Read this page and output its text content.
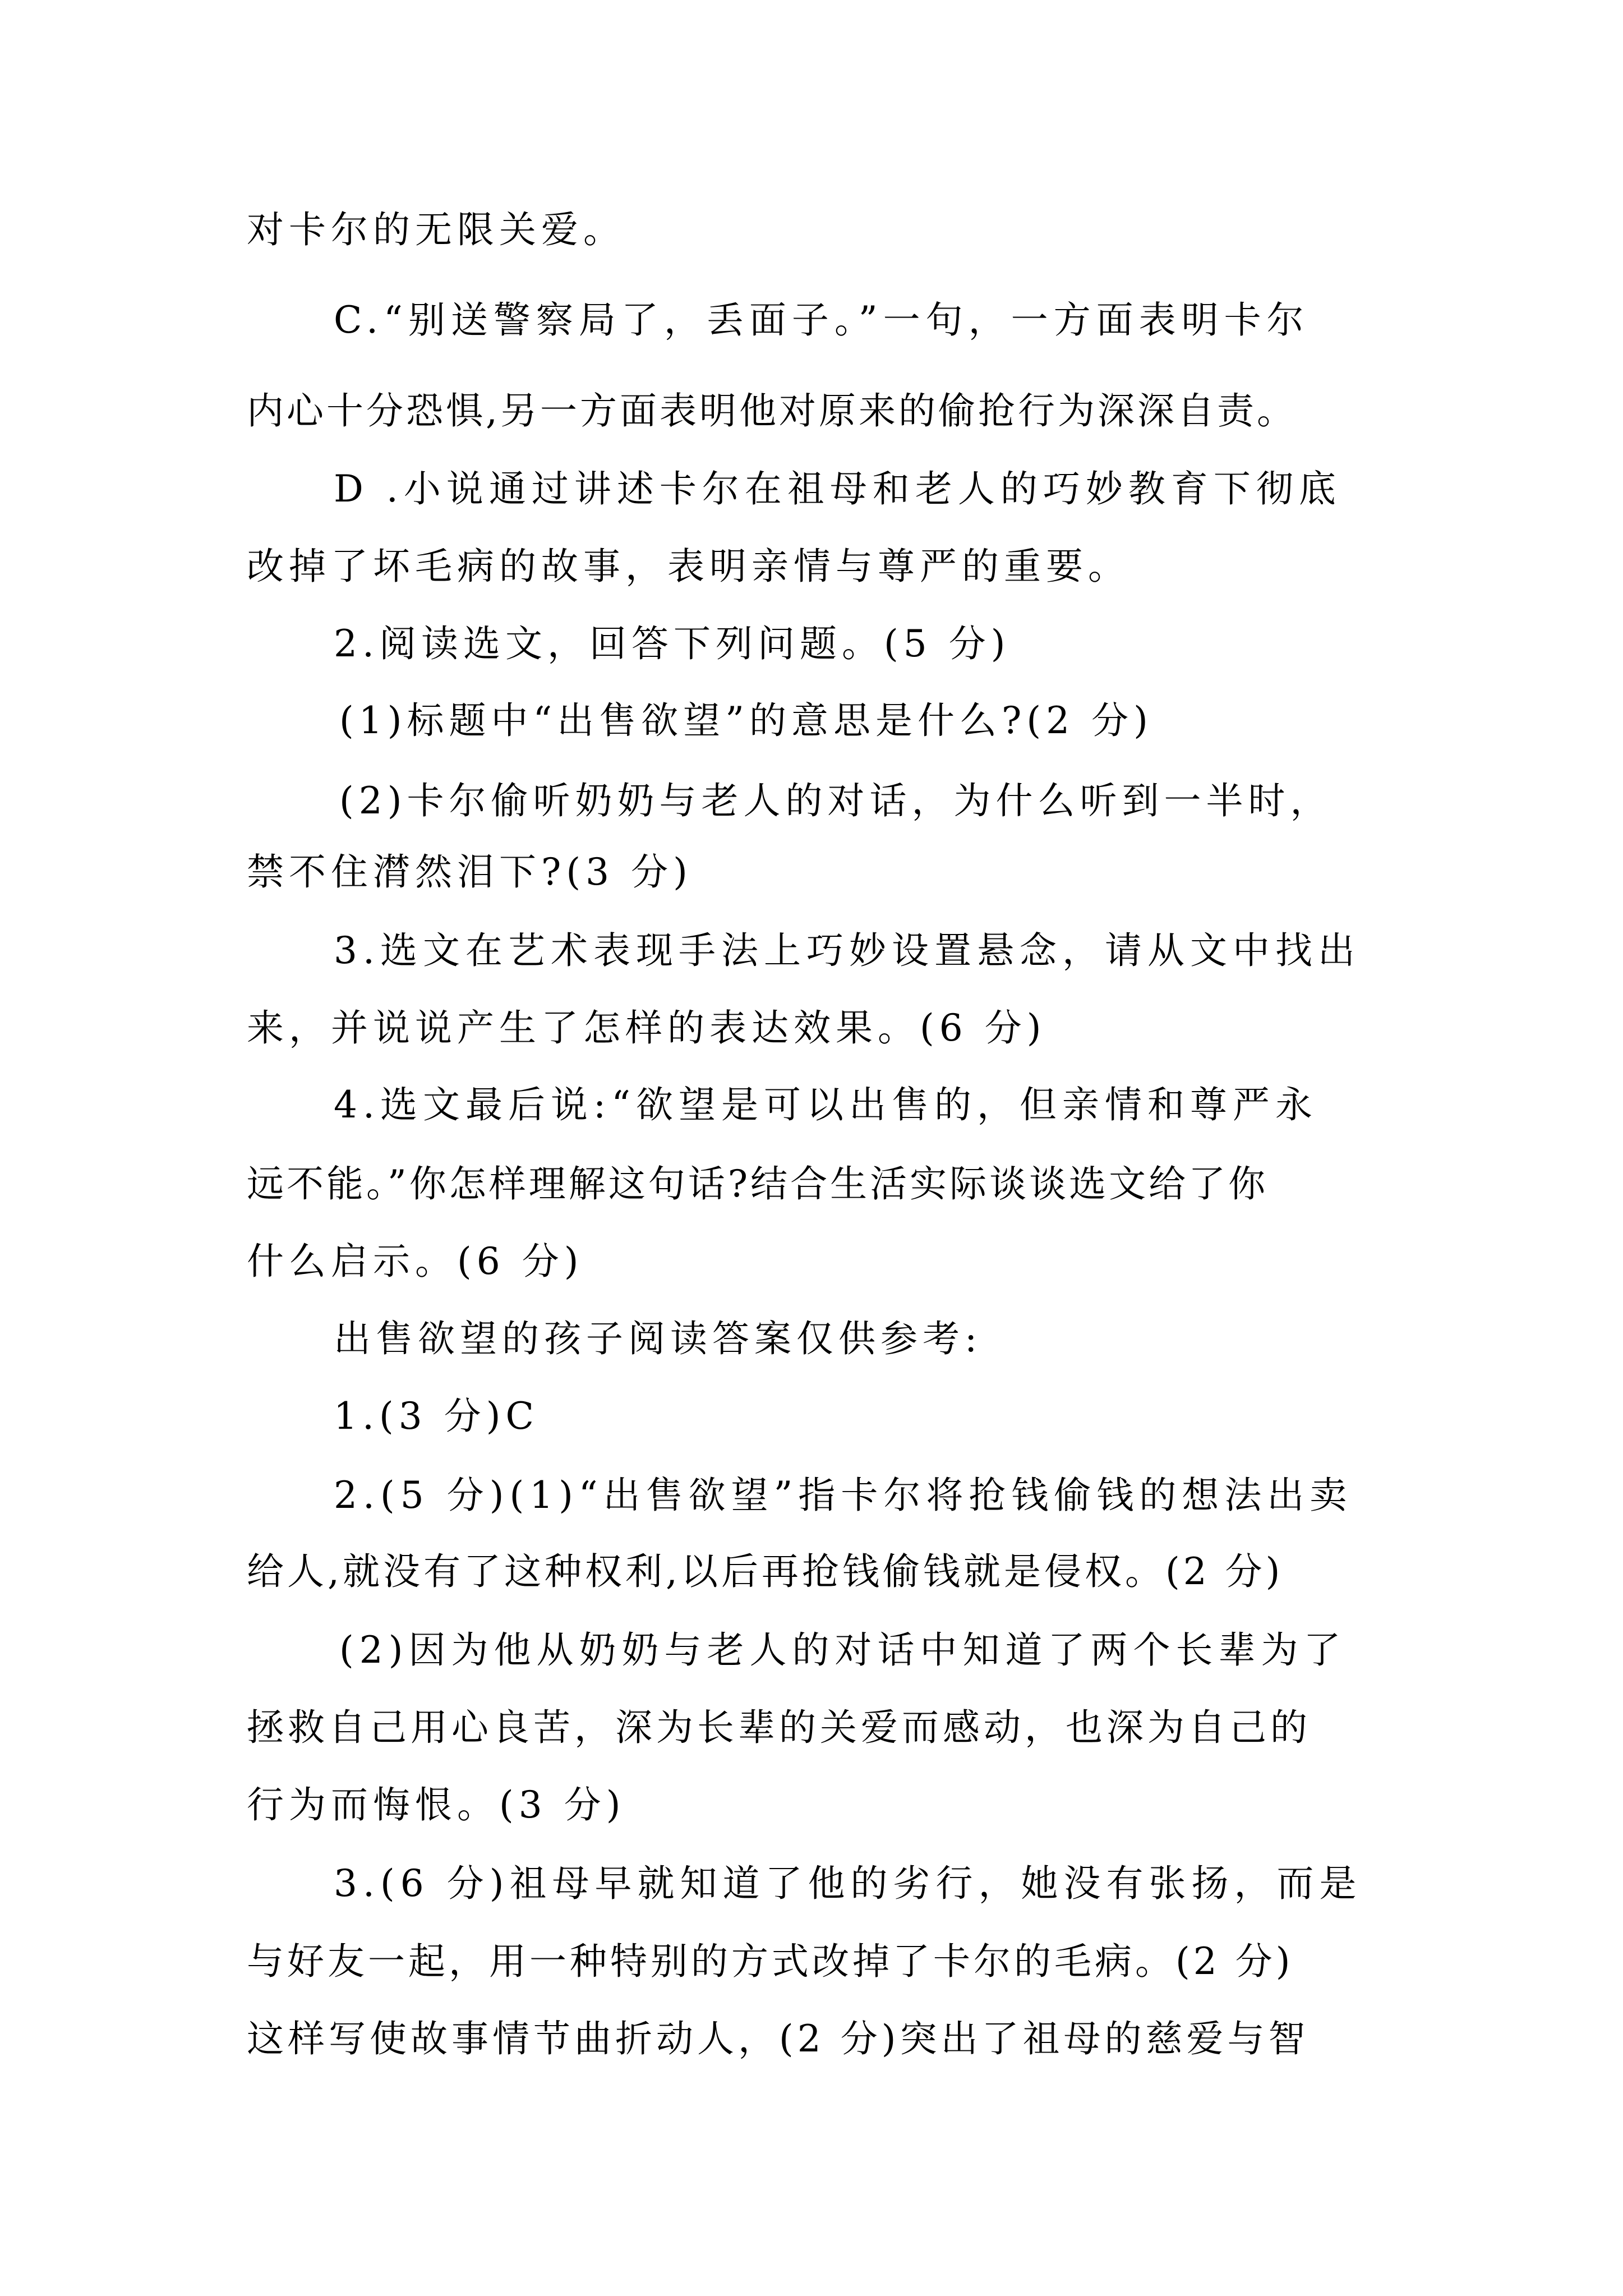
对卡尔的无限关爱。

C.“别送警察局了，丢面子。”一句，一方面表明卡尔

内心十分恐惧,另一方面表明他对原来的偷抢行为深深自责。

D .小说通过讲述卡尔在祖母和老人的巧妙教育下彻底

改掉了坏毛病的故事，表明亲情与尊严的重要。

2.阅读选文，回答下列问题。(5 分)

(1)标题中“出售欲望”的意思是什么?(2 分)

(2)卡尔偷听奶奶与老人的对话，为什么听到一半时，

禁不住潸然泪下?(3 分)

3.选文在艺术表现手法上巧妙设置悬念，请从文中找出

来，并说说产生了怎样的表达效果。(6 分)

4.选文最后说:“欲望是可以出售的，但亲情和尊严永

远不能。”你怎样理解这句话?结合生活实际谈谈选文给了你

什么启示。(6 分)

出售欲望的孩子阅读答案仅供参考:

1.(3 分)C

2.(5 分)(1)“出售欲望”指卡尔将抢钱偷钱的想法出卖

给人,就没有了这种权利,以后再抢钱偷钱就是侵权。(2 分)

(2)因为他从奶奶与老人的对话中知道了两个长辈为了

拯救自己用心良苦，深为长辈的关爱而感动，也深为自己的

行为而悔恨。(3 分)

3.(6 分)祖母早就知道了他的劣行，她没有张扬，而是

与好友一起，用一种特别的方式改掉了卡尔的毛病。(2 分)

这样写使故事情节曲折动人，(2 分)突出了祖母的慈爱与智
